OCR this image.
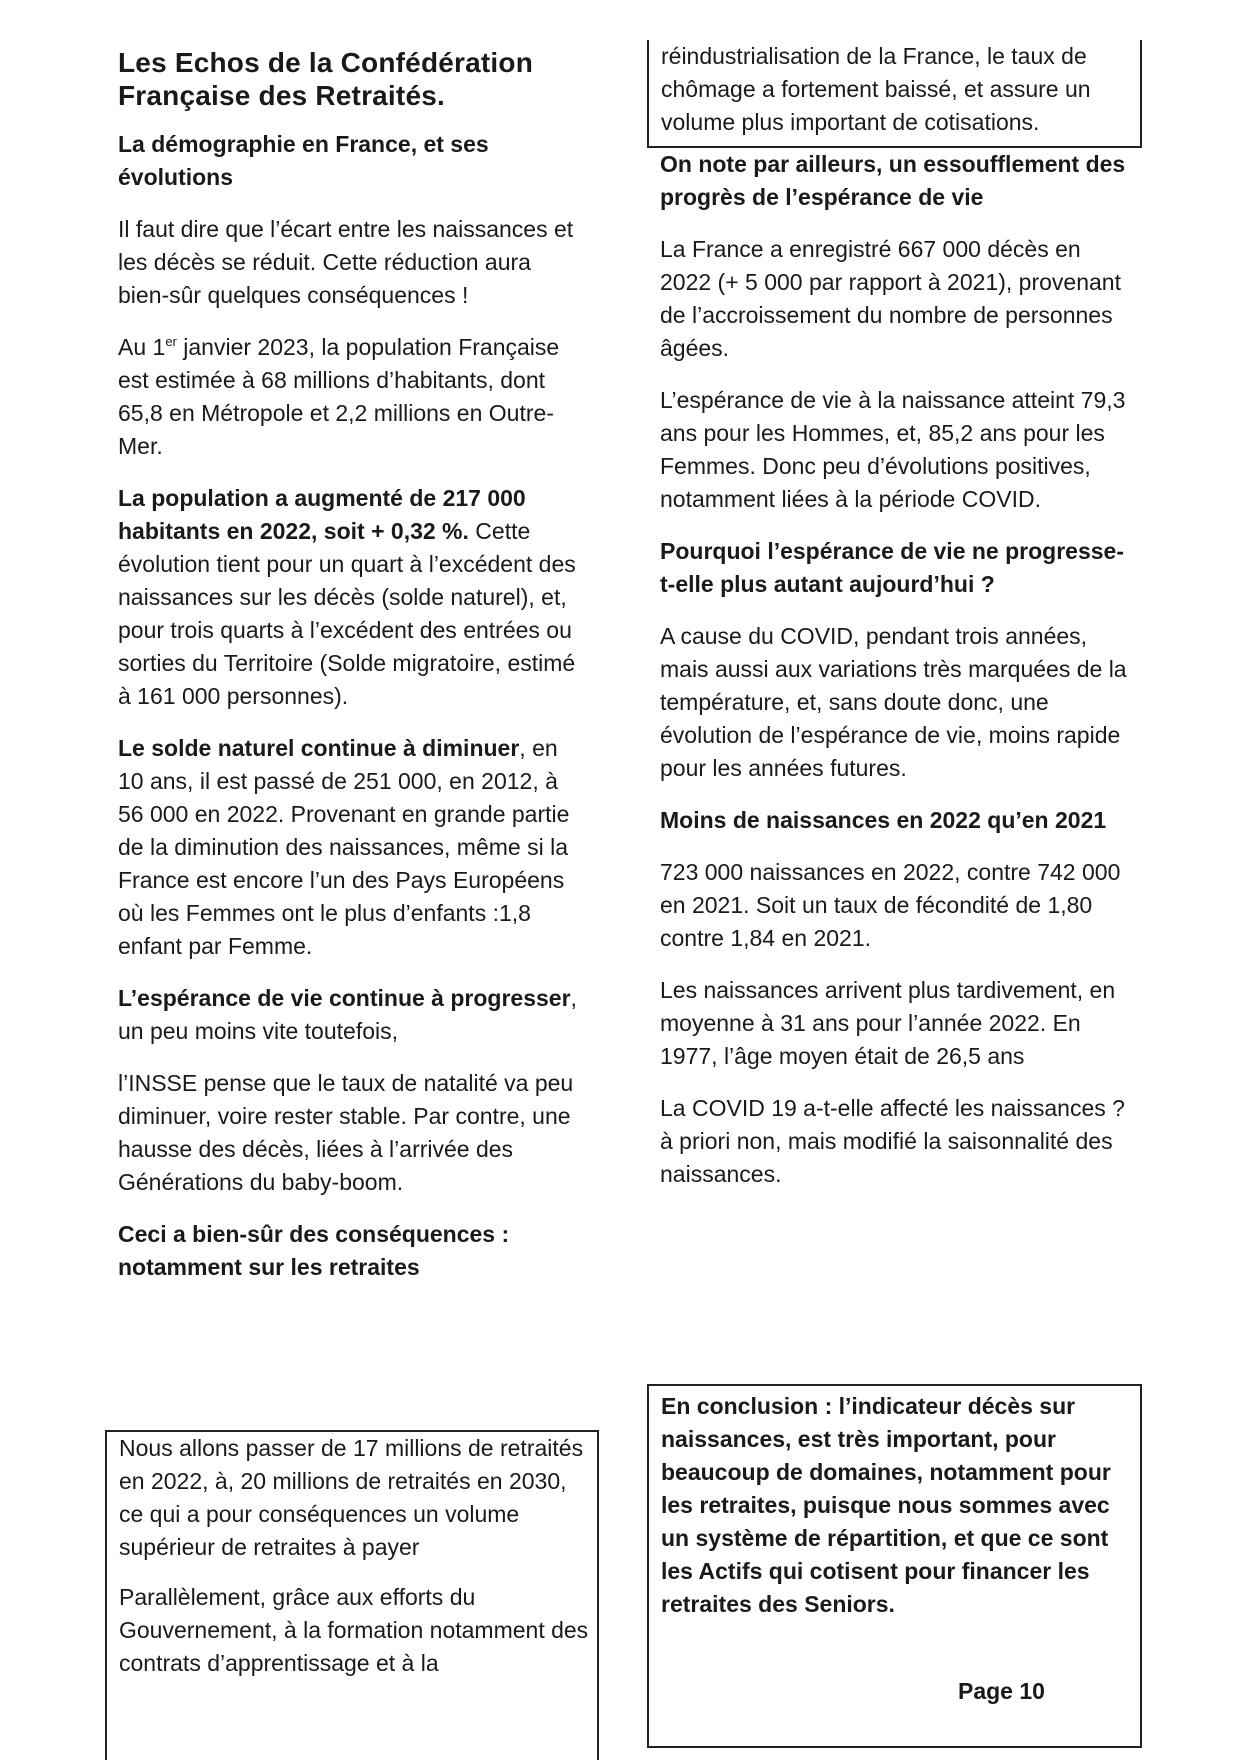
Les Echos de la Confédération
Française des Retraités.

La démographie en France, et ses évolutions

Il faut dire que l’écart entre les naissances et les décès se réduit. Cette réduction aura bien-sûr quelques conséquences !

Au 1er janvier 2023, la population Française est estimée à 68 millions d’habitants, dont 65,8 en Métropole et 2,2 millions en Outre-Mer.

La population a augmenté de 217 000 habitants en 2022, soit + 0,32 %. Cette évolution tient pour un quart à l’excédent des naissances sur les décès (solde naturel), et, pour trois quarts à l’excédent des entrées ou sorties du Territoire (Solde migratoire, estimé à 161 000 personnes).

Le solde naturel continue à diminuer, en 10 ans, il est passé de 251 000, en 2012, à 56 000 en 2022. Provenant en grande partie de la diminution des naissances, même si la France est encore l’un des Pays Européens où les Femmes ont le plus d’enfants :1,8 enfant par Femme.

L’espérance de vie continue à progresser, un peu moins vite toutefois,

l’INSSE pense que le taux de natalité va peu diminuer, voire rester stable. Par contre, une hausse des décès, liées à l’arrivée des Générations du baby-boom.

Ceci a bien-sûr des conséquences : notamment sur les retraites

Nous allons passer de 17 millions de retraités en 2022, à, 20 millions de retraités en 2030, ce qui a pour conséquences un volume supérieur de retraites à payer

Parallèlement, grâce aux efforts du Gouvernement, à la formation notamment des contrats d’apprentissage et à la

réindustrialisation de la France, le taux de chômage a fortement baissé, et assure un volume plus important de cotisations.

On note par ailleurs, un essoufflement des progrès de l’espérance de vie

La France a enregistré 667 000 décès en 2022 (+ 5 000 par rapport à 2021), provenant de l’accroissement du nombre de personnes âgées.

L’espérance de vie à la naissance atteint 79,3 ans pour les Hommes, et, 85,2 ans pour les Femmes. Donc peu d’évolutions positives, notamment liées à la période COVID.

Pourquoi l’espérance de vie ne progresse-t-elle plus autant aujourd’hui ?

A cause du COVID, pendant trois années, mais aussi aux variations très marquées de la température, et, sans doute donc, une évolution de l’espérance de vie, moins rapide pour les années futures.

Moins de naissances en 2022 qu’en 2021

723 000 naissances en 2022, contre 742 000 en 2021. Soit un taux de fécondité de 1,80 contre 1,84 en 2021.

Les naissances arrivent plus tardivement, en moyenne à 31 ans pour l’année 2022. En 1977, l’âge moyen était de 26,5 ans

La COVID 19 a-t-elle affecté les naissances ? à priori non, mais modifié la saisonnalité des naissances.

En conclusion : l’indicateur décès sur naissances, est très important, pour beaucoup de domaines, notamment pour les retraites, puisque nous sommes avec un système de répartition, et que ce sont les Actifs qui cotisent pour financer les retraites des Seniors.

Page 10
